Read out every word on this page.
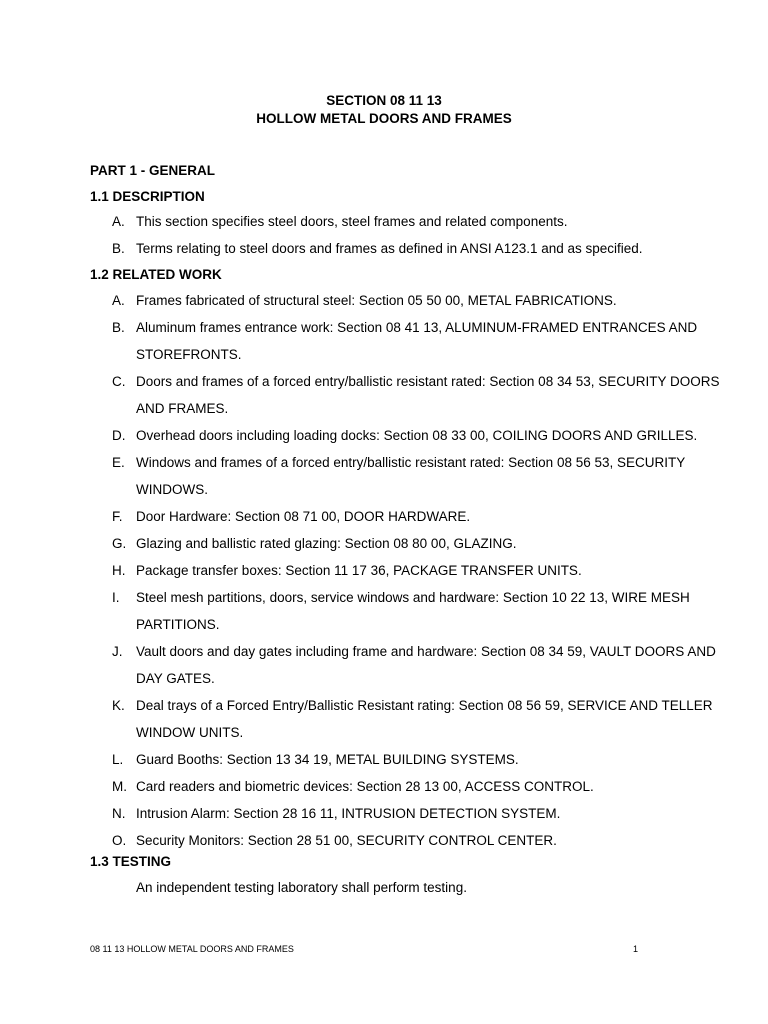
SECTION 08 11 13
HOLLOW METAL DOORS AND FRAMES
PART 1 - GENERAL
1.1 DESCRIPTION
A. This section specifies steel doors, steel frames and related components.
B. Terms relating to steel doors and frames as defined in ANSI A123.1 and as specified.
1.2 RELATED WORK
A. Frames fabricated of structural steel: Section 05 50 00, METAL FABRICATIONS.
B. Aluminum frames entrance work: Section 08 41 13, ALUMINUM-FRAMED ENTRANCES AND
STOREFRONTS.
C. Doors and frames of a forced entry/ballistic resistant rated: Section 08 34 53, SECURITY DOORS
AND FRAMES.
D. Overhead doors including loading docks: Section 08 33 00, COILING DOORS AND GRILLES.
E. Windows and frames of a forced entry/ballistic resistant rated: Section 08 56 53, SECURITY
WINDOWS.
F. Door Hardware: Section 08 71 00, DOOR HARDWARE.
G. Glazing and ballistic rated glazing: Section 08 80 00, GLAZING.
H. Package transfer boxes: Section 11 17 36, PACKAGE TRANSFER UNITS.
I. Steel mesh partitions, doors, service windows and hardware: Section 10 22 13, WIRE MESH
PARTITIONS.
J. Vault doors and day gates including frame and hardware: Section 08 34 59, VAULT DOORS AND
DAY GATES.
K. Deal trays of a Forced Entry/Ballistic Resistant rating: Section 08 56 59, SERVICE AND TELLER
WINDOW UNITS.
L. Guard Booths: Section 13 34 19, METAL BUILDING SYSTEMS.
M. Card readers and biometric devices: Section 28 13 00, ACCESS CONTROL.
N. Intrusion Alarm: Section 28 16 11, INTRUSION DETECTION SYSTEM.
O. Security Monitors: Section 28 51 00, SECURITY CONTROL CENTER.
1.3 TESTING
An independent testing laboratory shall perform testing.
08 11 13 HOLLOW METAL DOORS AND FRAMES	1
